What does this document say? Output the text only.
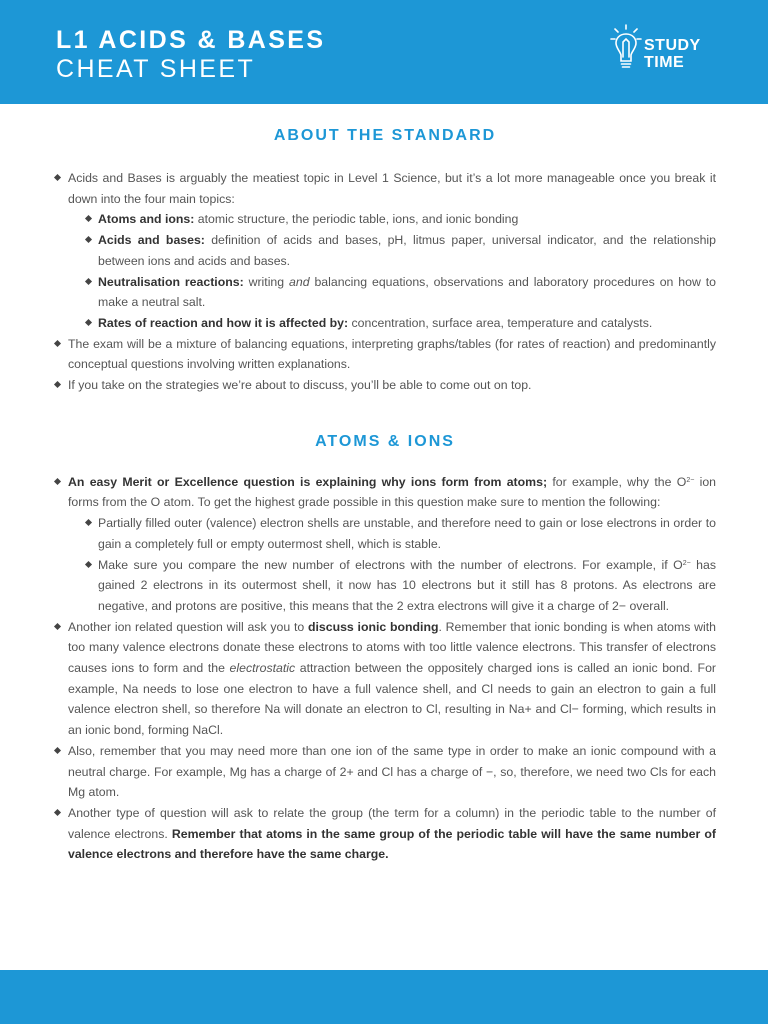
L1 ACIDS & BASES
CHEAT SHEET
STUDY
TIME
ABOUT THE STANDARD
Acids and Bases is arguably the meatiest topic in Level 1 Science, but it’s a lot more manageable once you break it down into the four main topics:
Atoms and ions: atomic structure, the periodic table, ions, and ionic bonding
Acids and bases: definition of acids and bases, pH, litmus paper, universal indicator, and the relationship between ions and acids and bases.
Neutralisation reactions: writing and balancing equations, observations and laboratory procedures on how to make a neutral salt.
Rates of reaction and how it is affected by: concentration, surface area, temperature and catalysts.
The exam will be a mixture of balancing equations, interpreting graphs/tables (for rates of reaction) and predominantly conceptual questions involving written explanations.
If you take on the strategies we’re about to discuss, you’ll be able to come out on top.
ATOMS & IONS
An easy Merit or Excellence question is explaining why ions form from atoms; for example, why the $O^{2-}$ ion forms from the O atom. To get the highest grade possible in this question make sure to mention the following:
Partially filled outer (valence) electron shells are unstable, and therefore need to gain or lose electrons in order to gain a completely full or empty outermost shell, which is stable.
Make sure you compare the new number of electrons with the number of electrons. For example, if $O^{2-}$ has gained 2 electrons in its outermost shell, it now has 10 electrons but it still has 8 protons. As electrons are negative, and protons are positive, this means that the 2 extra electrons will give it a charge of 2− overall.
Another ion related question will ask you to discuss ionic bonding. Remember that ionic bonding is when atoms with too many valence electrons donate these electrons to atoms with too little valence electrons. This transfer of electrons causes ions to form and the electrostatic attraction between the oppositely charged ions is called an ionic bond. For example, Na needs to lose one electron to have a full valence shell, and Cl needs to gain an electron to gain a full valence electron shell, so therefore Na will donate an electron to Cl, resulting in Na+ and Cl− forming, which results in an ionic bond, forming NaCl.
Also, remember that you may need more than one ion of the same type in order to make an ionic compound with a neutral charge. For example, Mg has a charge of 2+ and Cl has a charge of −, so, therefore, we need two Cls for each Mg atom.
Another type of question will ask to relate the group (the term for a column) in the periodic table to the number of valence electrons. Remember that atoms in the same group of the periodic table will have the same number of valence electrons and therefore have the same charge.
